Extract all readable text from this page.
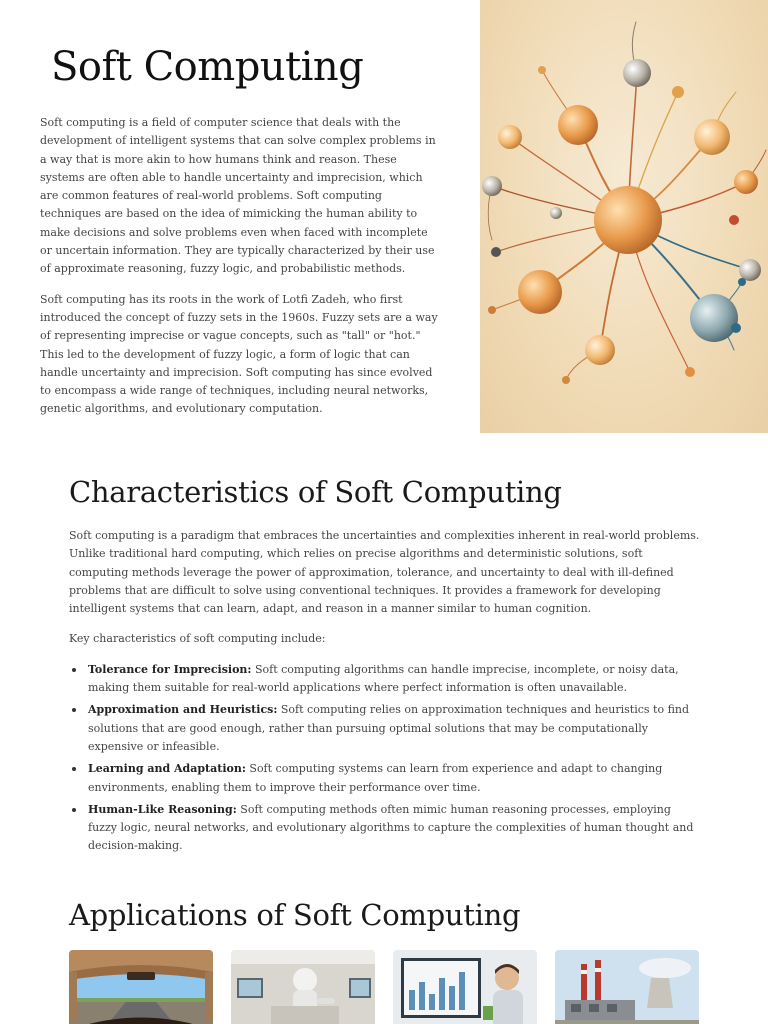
Soft Computing

Soft computing is a field of computer science that deals with the development of intelligent systems that can solve complex problems in a way that is more akin to how humans think and reason. These systems are often able to handle uncertainty and imprecision, which are common features of real-world problems. Soft computing techniques are based on the idea of mimicking the human ability to make decisions and solve problems even when faced with incomplete or uncertain information. They are typically characterized by their use of approximate reasoning, fuzzy logic, and probabilistic methods.

Soft computing has its roots in the work of Lotfi Zadeh, who first introduced the concept of fuzzy sets in the 1960s. Fuzzy sets are a way of representing imprecise or vague concepts, such as "tall" or "hot." This led to the development of fuzzy logic, a form of logic that can handle uncertainty and imprecision. Soft computing has since evolved to encompass a wide range of techniques, including neural networks, genetic algorithms, and evolutionary computation.

Characteristics of Soft Computing

Soft computing is a paradigm that embraces the uncertainties and complexities inherent in real-world problems. Unlike traditional hard computing, which relies on precise algorithms and deterministic solutions, soft computing methods leverage the power of approximation, tolerance, and uncertainty to deal with ill-defined problems that are difficult to solve using conventional techniques. It provides a framework for developing intelligent systems that can learn, adapt, and reason in a manner similar to human cognition.

Key characteristics of soft computing include:

Tolerance for Imprecision: Soft computing algorithms can handle imprecise, incomplete, or noisy data, making them suitable for real-world applications where perfect information is often unavailable.
Approximation and Heuristics: Soft computing relies on approximation techniques and heuristics to find solutions that are good enough, rather than pursuing optimal solutions that may be computationally expensive or infeasible.
Learning and Adaptation: Soft computing systems can learn from experience and adapt to changing environments, enabling them to improve their performance over time.
Human-Like Reasoning: Soft computing methods often mimic human reasoning processes, employing fuzzy logic, neural networks, and evolutionary algorithms to capture the complexities of human thought and decision-making.
Applications of Soft Computing
